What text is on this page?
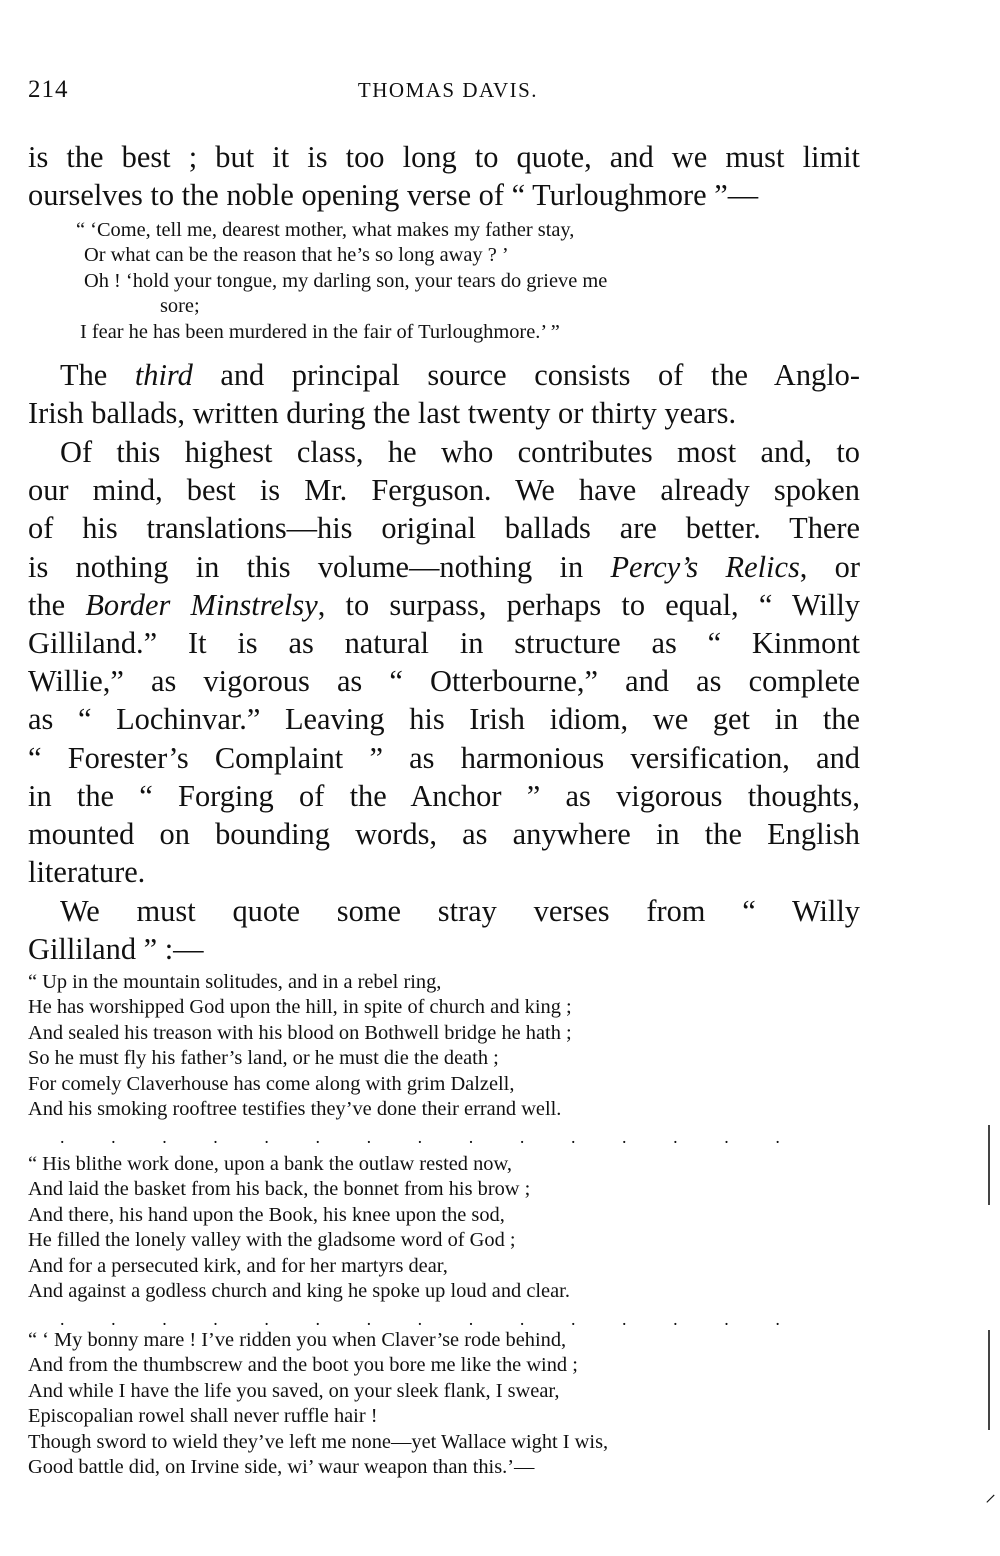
214	THOMAS DAVIS.
is the best ; but it is too long to quote, and we must limit
ourselves to the noble opening verse of “ Turloughmore ”—
“ ‘Come, tell me, dearest mother, what makes my father stay,
Or what can be the reason that he’s so long away ? ’
Oh ! ‘hold your tongue, my darling son, your tears do grieve me
sore;
I fear he has been murdered in the fair of Turloughmore.’ ”
The third and principal source consists of the Anglo-
Irish ballads, written during the last twenty or thirty years.
Of this highest class, he who contributes most and, to
our mind, best is Mr. Ferguson. We have already spoken
of his translations—his original ballads are better. There
is nothing in this volume—nothing in Percy’s Relics, or
the Border Minstrelsy, to surpass, perhaps to equal, “ Willy
Gilliland.” It is as natural in structure as “ Kinmont
Willie,” as vigorous as “ Otterbourne,” and as complete
as “ Lochinvar.” Leaving his Irish idiom, we get in the
“ Forester’s Complaint ” as harmonious versification, and
in the “ Forging of the Anchor ” as vigorous thoughts,
mounted on bounding words, as anywhere in the English
literature.
We must quote some stray verses from “ Willy
Gilliland ” :—
“ Up in the mountain solitudes, and in a rebel ring,
He has worshipped God upon the hill, in spite of church and king ;
And sealed his treason with his blood on Bothwell bridge he hath ;
So he must fly his father’s land, or he must die the death ;
For comely Claverhouse has come along with grim Dalzell,
And his smoking rooftree testifies they’ve done their errand well.
.	.	.	.	.	.	.	.	.	.	.	.	.	.	.
“ His blithe work done, upon a bank the outlaw rested now,
And laid the basket from his back, the bonnet from his brow ;
And there, his hand upon the Book, his knee upon the sod,
He filled the lonely valley with the gladsome word of God ;
And for a persecuted kirk, and for her martyrs dear,
And against a godless church and king he spoke up loud and clear.
.	.	.	.	.	.	.	.	.	.	.	.	.	.	.
“ ‘ My bonny mare ! I’ve ridden you when Claver’se rode behind,
And from the thumbscrew and the boot you bore me like the wind ;
And while I have the life you saved, on your sleek flank, I swear,
Episcopalian rowel shall never ruffle hair !
Though sword to wield they’ve left me none—yet Wallace wight I wis,
Good battle did, on Irvine side, wi’ waur weapon than this.’—
⸝
